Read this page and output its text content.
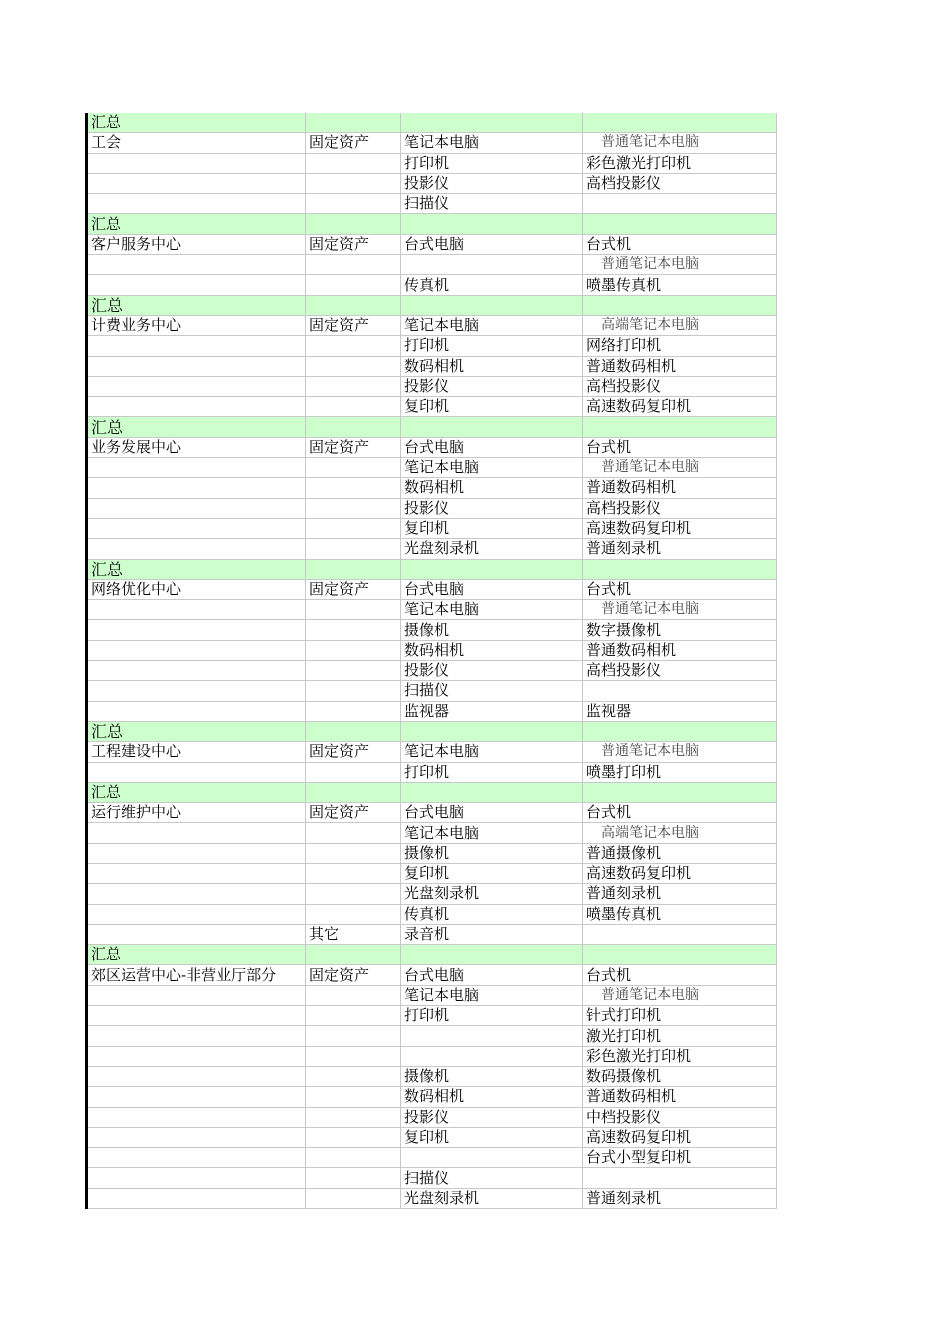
汇总			
工会	固定资产	笔记本电脑	普通笔记本电脑
		打印机	彩色激光打印机
		投影仪	高档投影仪
		扫描仪	
汇总			
客户服务中心	固定资产	台式电脑	台式机
			普通笔记本电脑
		传真机	喷墨传真机
汇总			
计费业务中心	固定资产	笔记本电脑	高端笔记本电脑
		打印机	网络打印机
		数码相机	普通数码相机
		投影仪	高档投影仪
		复印机	高速数码复印机
汇总			
业务发展中心	固定资产	台式电脑	台式机
		笔记本电脑	普通笔记本电脑
		数码相机	普通数码相机
		投影仪	高档投影仪
		复印机	高速数码复印机
		光盘刻录机	普通刻录机
汇总			
网络优化中心	固定资产	台式电脑	台式机
		笔记本电脑	普通笔记本电脑
		摄像机	数字摄像机
		数码相机	普通数码相机
		投影仪	高档投影仪
		扫描仪	
		监视器	监视器
汇总			
工程建设中心	固定资产	笔记本电脑	普通笔记本电脑
		打印机	喷墨打印机
汇总			
运行维护中心	固定资产	台式电脑	台式机
		笔记本电脑	高端笔记本电脑
		摄像机	普通摄像机
		复印机	高速数码复印机
		光盘刻录机	普通刻录机
		传真机	喷墨传真机
	其它	录音机	
汇总			
郊区运营中心-非营业厅部分	固定资产	台式电脑	台式机
		笔记本电脑	普通笔记本电脑
		打印机	针式打印机
			激光打印机
			彩色激光打印机
		摄像机	数码摄像机
		数码相机	普通数码相机
		投影仪	中档投影仪
		复印机	高速数码复印机
			台式小型复印机
		扫描仪	
		光盘刻录机	普通刻录机
